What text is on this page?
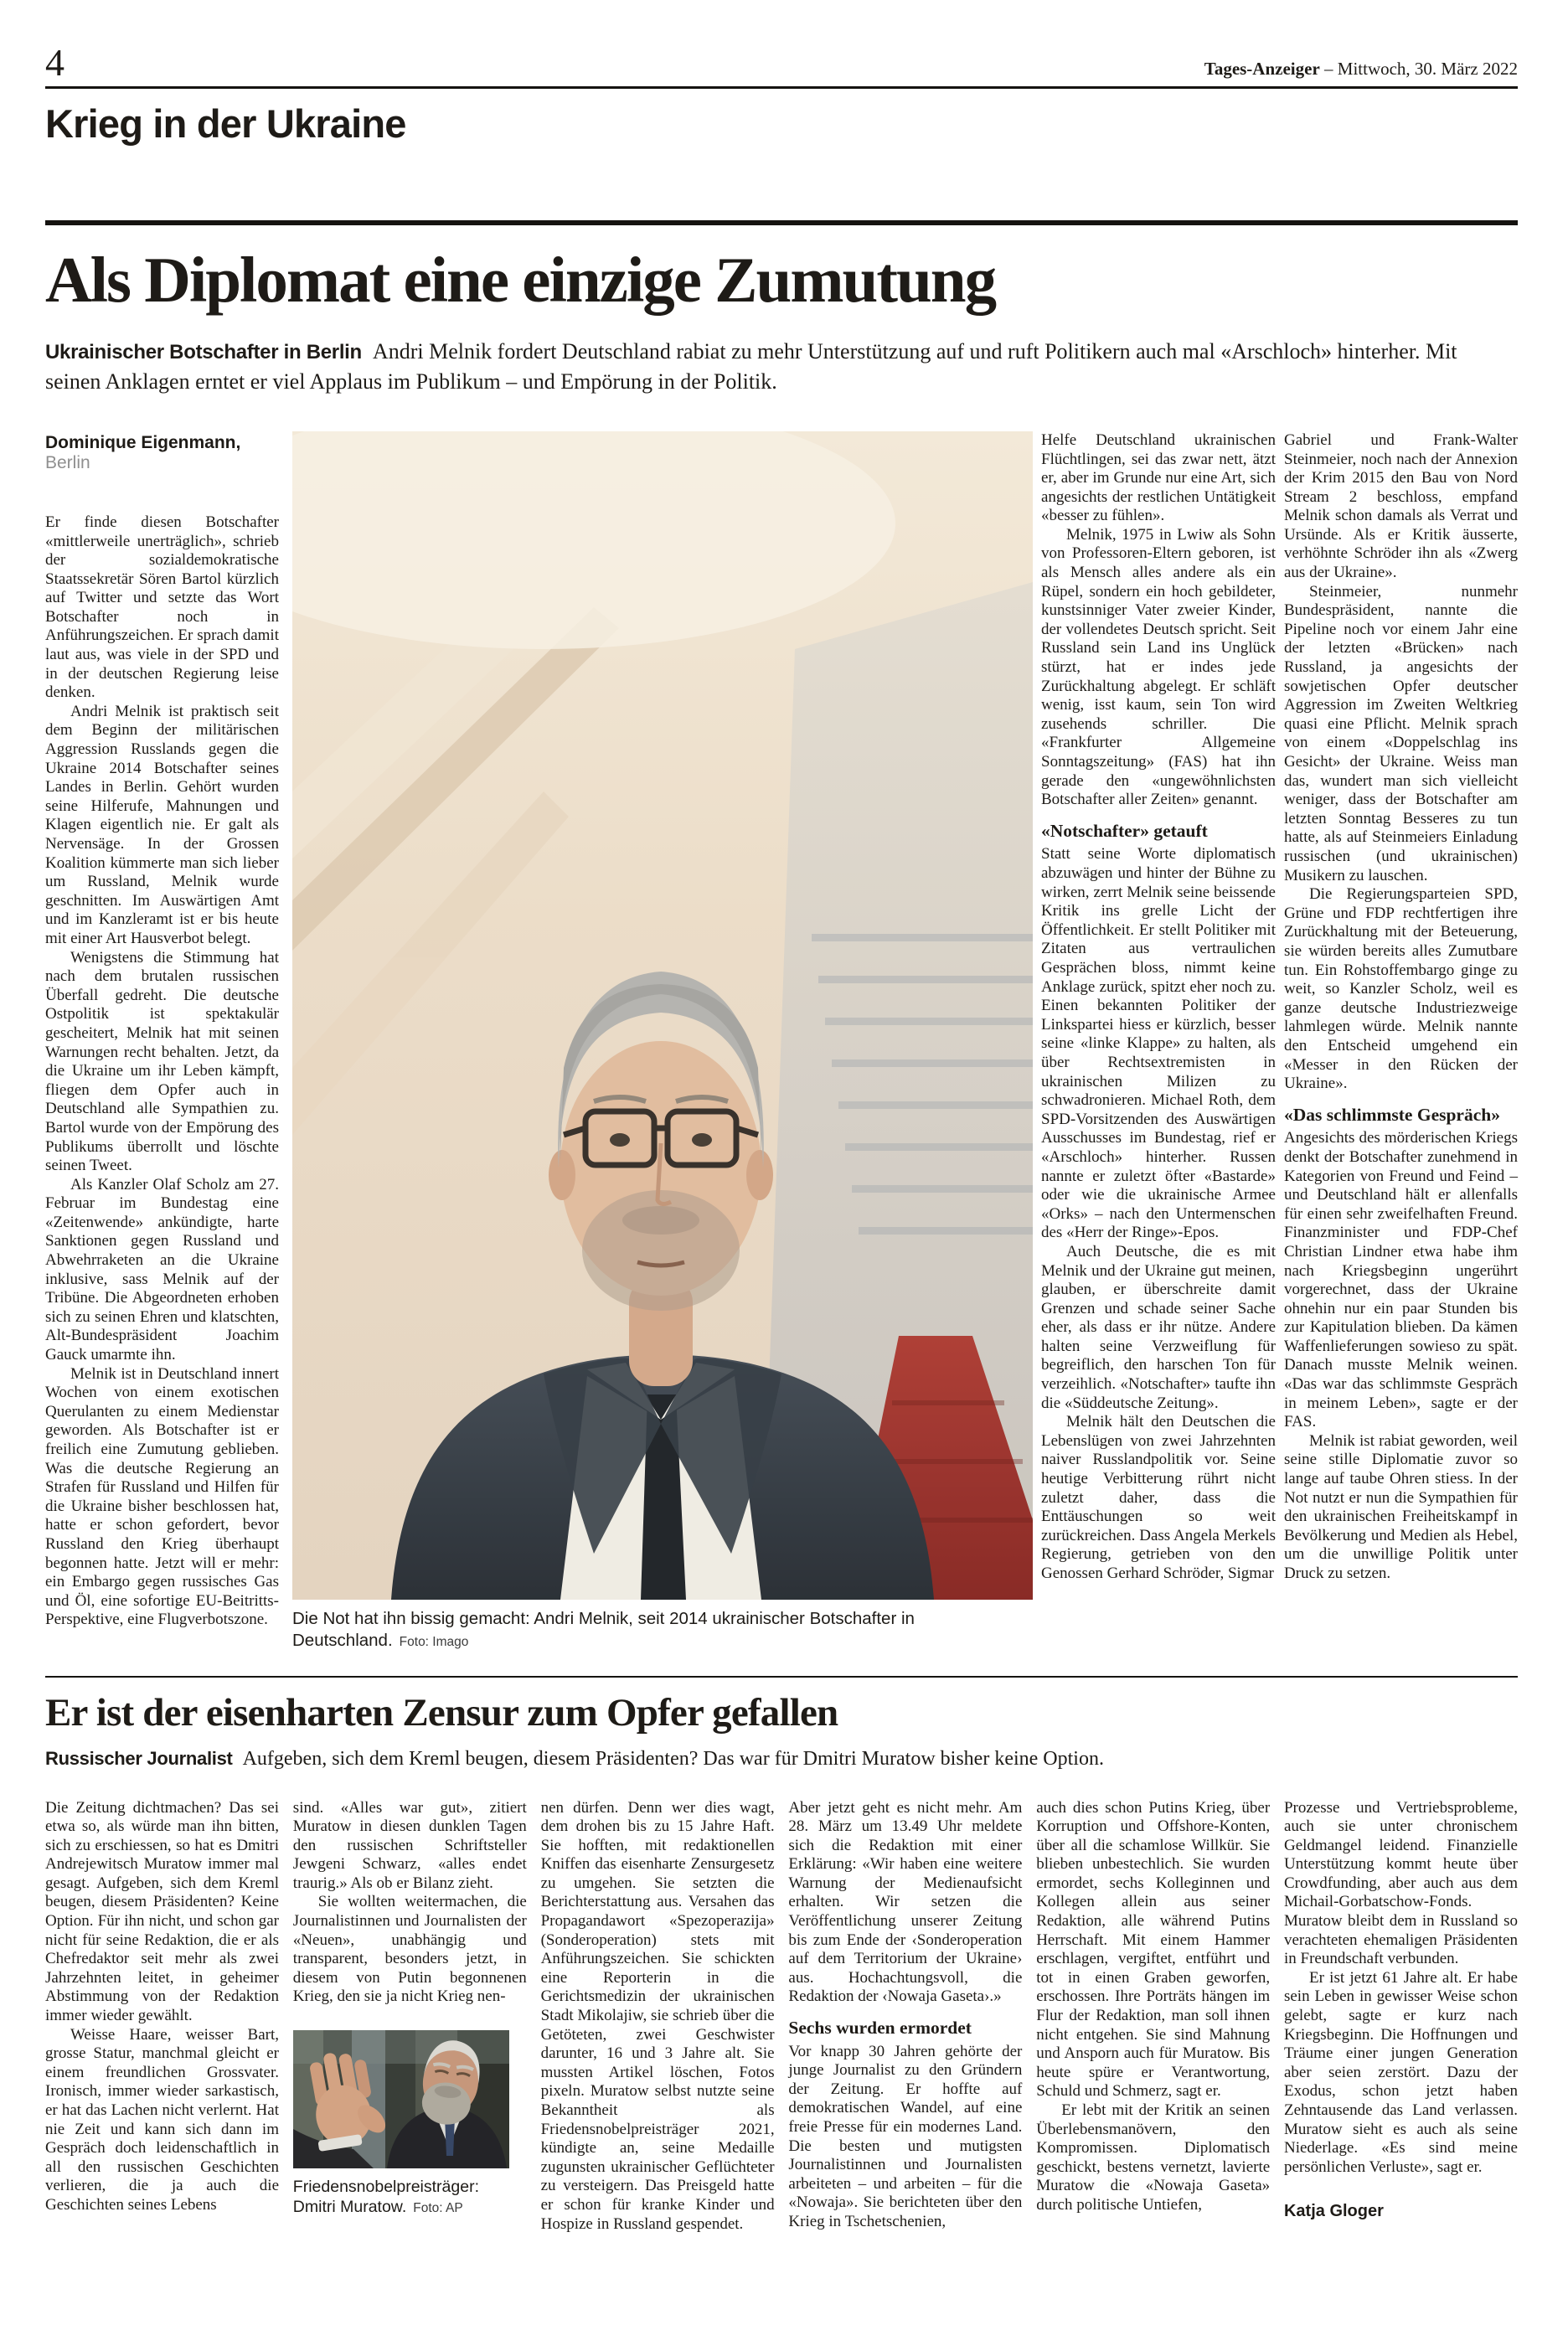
4	Tages-Anzeiger – Mittwoch, 30. März 2022
Krieg in der Ukraine
Als Diplomat eine einzige Zumutung

Ukrainischer Botschafter in Berlin Andri Melnik fordert Deutschland rabiat zu mehr Unterstützung auf und ruft Politikern auch mal «Arschloch» hinterher. Mit seinen Anklagen erntet er viel Applaus im Publikum – und Empörung in der Politik.

Dominique Eigenmann, Berlin

Er finde diesen Botschafter «mittlerweile unerträglich», schrieb der sozialdemokratische Staatssekretär Sören Bartol kürzlich auf Twitter und setzte das Wort Botschafter noch in Anführungszeichen. Er sprach damit laut aus, was viele in der SPD und in der deutschen Regierung leise denken.

Andri Melnik ist praktisch seit dem Beginn der militärischen Aggression Russlands gegen die Ukraine 2014 Botschafter seines Landes in Berlin. Gehört wurden seine Hilferufe, Mahnungen und Klagen eigentlich nie. Er galt als Nervensäge. In der Grossen Koalition kümmerte man sich lieber um Russland, Melnik wurde geschnitten. Im Auswärtigen Amt und im Kanzleramt ist er bis heute mit einer Art Hausverbot belegt.

Wenigstens die Stimmung hat nach dem brutalen russischen Überfall gedreht. Die deutsche Ostpolitik ist spektakulär gescheitert, Melnik hat mit seinen Warnungen recht behalten. Jetzt, da die Ukraine um ihr Leben kämpft, fliegen dem Opfer auch in Deutschland alle Sympathien zu. Bartol wurde von der Empörung des Publikums überrollt und löschte seinen Tweet.

Als Kanzler Olaf Scholz am 27. Februar im Bundestag eine «Zeitenwende» ankündigte, harte Sanktionen gegen Russland und Abwehrraketen an die Ukraine inklusive, sass Melnik auf der Tribüne. Die Abgeordneten erhoben sich zu seinen Ehren und klatschten, Alt-Bundespräsident Joachim Gauck umarmte ihn.

Melnik ist in Deutschland innert Wochen von einem exotischen Querulanten zu einem Medienstar geworden. Als Botschafter ist er freilich eine Zumutung geblieben. Was die deutsche Regierung an Strafen für Russland und Hilfen für die Ukraine bisher beschlossen hat, hatte er schon gefordert, bevor Russland den Krieg überhaupt begonnen hatte. Jetzt will er mehr: ein Embargo gegen russisches Gas und Öl, eine sofortige EU-Beitritts-Perspektive, eine Flugverbotszone.	Die Not hat ihn bissig gemacht: Andri Melnik, seit 2014 ukrainischer Botschafter in Deutschland. Foto: Imago

Helfe Deutschland ukrainischen Flüchtlingen, sei das zwar nett, ätzt er, aber im Grunde nur eine Art, sich angesichts der restlichen Untätigkeit «besser zu fühlen».

Melnik, 1975 in Lwiw als Sohn von Professoren-Eltern geboren, ist als Mensch alles andere als ein Rüpel, sondern ein hoch gebildeter, kunstsinniger Vater zweier Kinder, der vollendetes Deutsch spricht. Seit Russland sein Land ins Unglück stürzt, hat er indes jede Zurückhaltung abgelegt. Er schläft wenig, isst kaum, sein Ton wird zusehends schriller. Die «Frankfurter Allgemeine Sonntagszeitung» (FAS) hat ihn gerade den «ungewöhnlichsten Botschafter aller Zeiten» genannt.

«Notschafter» getauft

Statt seine Worte diplomatisch abzuwägen und hinter der Bühne zu wirken, zerrt Melnik seine beissende Kritik ins grelle Licht der Öffentlichkeit. Er stellt Politiker mit Zitaten aus vertraulichen Gesprächen bloss, nimmt keine Anklage zurück, spitzt eher noch zu. Einen bekannten Politiker der Linkspartei hiess er kürzlich, besser seine «linke Klappe» zu halten, als über Rechtsextremisten in ukrainischen Milizen zu schwadronieren. Michael Roth, dem SPD-Vorsitzenden des Auswärtigen Ausschusses im Bundestag, rief er «Arschloch» hinterher. Russen nannte er zuletzt öfter «Bastarde» oder wie die ukrainische Armee «Orks» – nach den Untermenschen des «Herr der Ringe»-Epos.

Auch Deutsche, die es mit Melnik und der Ukraine gut meinen, glauben, er überschreite damit Grenzen und schade seiner Sache eher, als dass er ihr nütze. Andere halten seine Verzweiflung für begreiflich, den harschen Ton für verzeihlich. «Notschafter» taufte ihn die «Süddeutsche Zeitung».

Melnik hält den Deutschen die Lebenslügen von zwei Jahrzehnten naiver Russlandpolitik vor. Seine heutige Verbitterung rührt nicht zuletzt daher, dass die Enttäuschungen so weit zurückreichen. Dass Angela Merkels Regierung, getrieben von den Genossen Gerhard Schröder, Sigmar

Gabriel und Frank-Walter Steinmeier, noch nach der Annexion der Krim 2015 den Bau von Nord Stream 2 beschloss, empfand Melnik schon damals als Verrat und Ursünde. Als er Kritik äusserte, verhöhnte Schröder ihn als «Zwerg aus der Ukraine».

Steinmeier, nunmehr Bundespräsident, nannte die Pipeline noch vor einem Jahr eine der letzten «Brücken» nach Russland, ja angesichts der sowjetischen Opfer deutscher Aggression im Zweiten Weltkrieg quasi eine Pflicht. Melnik sprach von einem «Doppelschlag ins Gesicht» der Ukraine. Weiss man das, wundert man sich vielleicht weniger, dass der Botschafter am letzten Sonntag Besseres zu tun hatte, als auf Steinmeiers Einladung russischen (und ukrainischen) Musikern zu lauschen.

Die Regierungsparteien SPD, Grüne und FDP rechtfertigen ihre Zurückhaltung mit der Beteuerung, sie würden bereits alles Zumutbare tun. Ein Rohstoffembargo ginge zu weit, so Kanzler Scholz, weil es ganze deutsche Industriezweige lahmlegen würde. Melnik nannte den Entscheid umgehend ein «Messer in den Rücken der Ukraine».

«Das schlimmste Gespräch»

Angesichts des mörderischen Kriegs denkt der Botschafter zunehmend in Kategorien von Freund und Feind – und Deutschland hält er allenfalls für einen sehr zweifelhaften Freund. Finanzminister und FDP-Chef Christian Lindner etwa habe ihm nach Kriegsbeginn ungerührt vorgerechnet, dass der Ukraine ohnehin nur ein paar Stunden bis zur Kapitulation blieben. Da kämen Waffenlieferungen sowieso zu spät. Danach musste Melnik weinen. «Das war das schlimmste Gespräch in meinem Leben», sagte er der FAS.

Melnik ist rabiat geworden, weil seine stille Diplomatie zuvor so lange auf taube Ohren stiess. In der Not nutzt er nun die Sympathien für den ukrainischen Freiheitskampf in Bevölkerung und Medien als Hebel, um die unwillige Politik unter Druck zu setzen.

Er ist der eisenharten Zensur zum Opfer gefallen

Russischer Journalist Aufgeben, sich dem Kreml beugen, diesem Präsidenten? Das war für Dmitri Muratow bisher keine Option.

Die Zeitung dichtmachen? Das sei etwa so, als würde man ihn bitten, sich zu erschiessen, so hat es Dmitri Andrejewitsch Muratow immer mal gesagt. Aufgeben, sich dem Kreml beugen, diesem Präsidenten? Keine Option. Für ihn nicht, und schon gar nicht für seine Redaktion, die er als Chefredaktor seit mehr als zwei Jahrzehnten leitet, in geheimer Abstimmung von der Redaktion immer wieder gewählt.

Weisse Haare, weisser Bart, grosse Statur, manchmal gleicht er einem freundlichen Grossvater. Ironisch, immer wieder sarkastisch, er hat das Lachen nicht verlernt. Hat nie Zeit und kann sich dann im Gespräch doch leidenschaftlich in all den russischen Geschichten verlieren, die ja auch die Geschichten seines Lebens

sind. «Alles war gut», zitiert Muratow in diesen dunklen Tagen den russischen Schriftsteller Jewgeni Schwarz, «alles endet traurig.» Als ob er Bilanz zieht.

Sie wollten weitermachen, die Journalistinnen und Journalisten der «Neuen», unabhängig und transparent, besonders jetzt, in diesem von Putin begonnenen Krieg, den sie ja nicht Krieg nen-

Friedensnobelpreisträger:
Dmitri Muratow. Foto: AP

nen dürfen. Denn wer dies wagt, dem drohen bis zu 15 Jahre Haft. Sie hofften, mit redaktionellen Kniffen das eisenharte Zensurgesetz zu umgehen. Sie setzten die Berichterstattung aus. Versahen das Propagandawort «Spezoperazija» (Sonderoperation) stets mit Anführungszeichen. Sie schickten eine Reporterin in die Gerichtsmedizin der ukrainischen Stadt Mikolajiw, sie schrieb über die Getöteten, zwei Geschwister darunter, 16 und 3 Jahre alt. Sie mussten Artikel löschen, Fotos pixeln. Muratow selbst nutzte seine Bekanntheit als Friedensnobelpreisträger 2021, kündigte an, seine Medaille zugunsten ukrainischer Geflüchteter zu versteigern. Das Preisgeld hatte er schon für kranke Kinder und Hospize in Russland gespendet.

Aber jetzt geht es nicht mehr. Am 28. März um 13.49 Uhr meldete sich die Redaktion mit einer Erklärung: «Wir haben eine weitere Warnung der Medienaufsicht erhalten. Wir setzen die Veröffentlichung unserer Zeitung bis zum Ende der ‹Sonderoperation auf dem Territorium der Ukraine› aus. Hochachtungsvoll, die Redaktion der ‹Nowaja Gaseta›.»

Sechs wurden ermordet

Vor knapp 30 Jahren gehörte der junge Journalist zu den Gründern der Zeitung. Er hoffte auf demokratischen Wandel, auf eine freie Presse für ein modernes Land. Die besten und mutigsten Journalistinnen und Journalisten arbeiteten – und arbeiten – für die «Nowaja». Sie berichteten über den Krieg in Tschetschenien,

auch dies schon Putins Krieg, über Korruption und Offshore-Konten, über all die schamlose Willkür. Sie blieben unbestechlich. Sie wurden ermordet, sechs Kolleginnen und Kollegen allein aus seiner Redaktion, alle während Putins Herrschaft. Mit einem Hammer erschlagen, vergiftet, entführt und tot in einen Graben geworfen, erschossen. Ihre Porträts hängen im Flur der Redaktion, man soll ihnen nicht entgehen. Sie sind Mahnung und Ansporn auch für Muratow. Bis heute spüre er Verantwortung, Schuld und Schmerz, sagt er.

Er lebt mit der Kritik an seinen Überlebensmanövern, den Kompromissen. Diplomatisch geschickt, bestens vernetzt, lavierte Muratow die «Nowaja Gaseta» durch politische Untiefen,

Prozesse und Vertriebsprobleme, auch sie unter chronischem Geldmangel leidend. Finanzielle Unterstützung kommt heute über Crowdfunding, aber auch aus dem Michail-Gorbatschow-Fonds. Muratow bleibt dem in Russland so verachteten ehemaligen Präsidenten in Freundschaft verbunden.

Er ist jetzt 61 Jahre alt. Er habe sein Leben in gewisser Weise schon gelebt, sagte er kurz nach Kriegsbeginn. Die Hoffnungen und Träume einer jungen Generation aber seien zerstört. Dazu der Exodus, schon jetzt haben Zehntausende das Land verlassen. Muratow sieht es auch als seine Niederlage. «Es sind meine persönlichen Verluste», sagt er.

Katja Gloger
